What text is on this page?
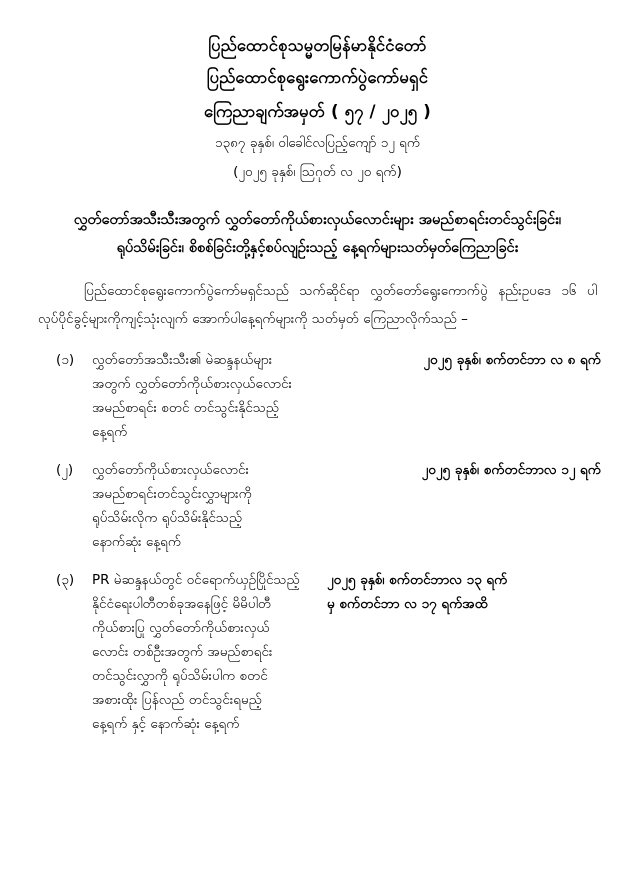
ပြည်ထောင်စုသမ္မတမြန်မာနိုင်ငံတော်
ပြည်ထောင်စုရွေးကောက်ပွဲကော်မရှင်
ကြေညာချက်အမှတ် ( ၅၇ / ၂၀၂၅ )
၁၃၈၇ ခုနှစ်၊ ဝါခေါင်လပြည့်ကျော် ၁၂ ရက်
(၂၀၂၅ ခုနှစ်၊ သြဂုတ် လ ၂၀ ရက်)
လွှတ်တော်အသီးသီးအတွက် လွှတ်တော်ကိုယ်စားလှယ်လောင်းများ အမည်စာရင်းတင်သွင်းခြင်း၊
ရုပ်သိမ်းခြင်း၊ စိစစ်ခြင်းတို့နှင့်စပ်လျဉ်းသည့် နေ့ရက်များသတ်မှတ်ကြေညာခြင်း
ပြည်ထောင်စုရွေးကောက်ပွဲကော်မရှင်သည် သက်ဆိုင်ရာ လွှတ်တော်ရွေးကောက်ပွဲ နည်းဥပဒေ ၁၆ ပါလုပ်ပိုင်ခွင့်များကိုကျင့်သုံးလျက် အောက်ပါနေ့ရက်များကို သတ်မှတ် ကြေညာလိုက်သည် –
(၁)	လွှတ်တော်အသီးသီး၏ မဲဆန္ဒနယ်များ
အတွက် လွှတ်တော်ကိုယ်စားလှယ်လောင်း
အမည်စာရင်း စတင် တင်သွင်းနိုင်သည့်
နေ့ရက်
၂၀၂၅ ခုနှစ်၊ စက်တင်ဘာ လ ၈ ရက်
(၂)	လွှတ်တော်ကိုယ်စားလှယ်လောင်း
အမည်စာရင်းတင်သွင်းလွှာများကို
ရုပ်သိမ်းလိုက ရုပ်သိမ်းနိုင်သည့်
နောက်ဆုံး နေ့ရက်
၂၀၂၅ ခုနှစ်၊ စက်တင်ဘာလ ၁၂ ရက်
(၃)	PR မဲဆန္ဒနယ်တွင် ဝင်ရောက်ယှဉ်ပြိုင်သည့်
နိုင်ငံရေးပါတီတစ်ခုအနေဖြင့် မိမိပါတီ
ကိုယ်စားပြု လွှတ်တော်ကိုယ်စားလှယ်
လောင်း တစ်ဦးအတွက် အမည်စာရင်း
တင်သွင်းလွှာကို ရုပ်သိမ်းပါက စတင်
အစားထိုး ပြန်လည် တင်သွင်းရမည့်
နေ့ရက် နှင့် နောက်ဆုံး နေ့ရက်
၂၀၂၅ ခုနှစ်၊ စက်တင်ဘာလ ၁၃ ရက်
မှ စက်တင်ဘာ လ ၁၇ ရက်အထိ
